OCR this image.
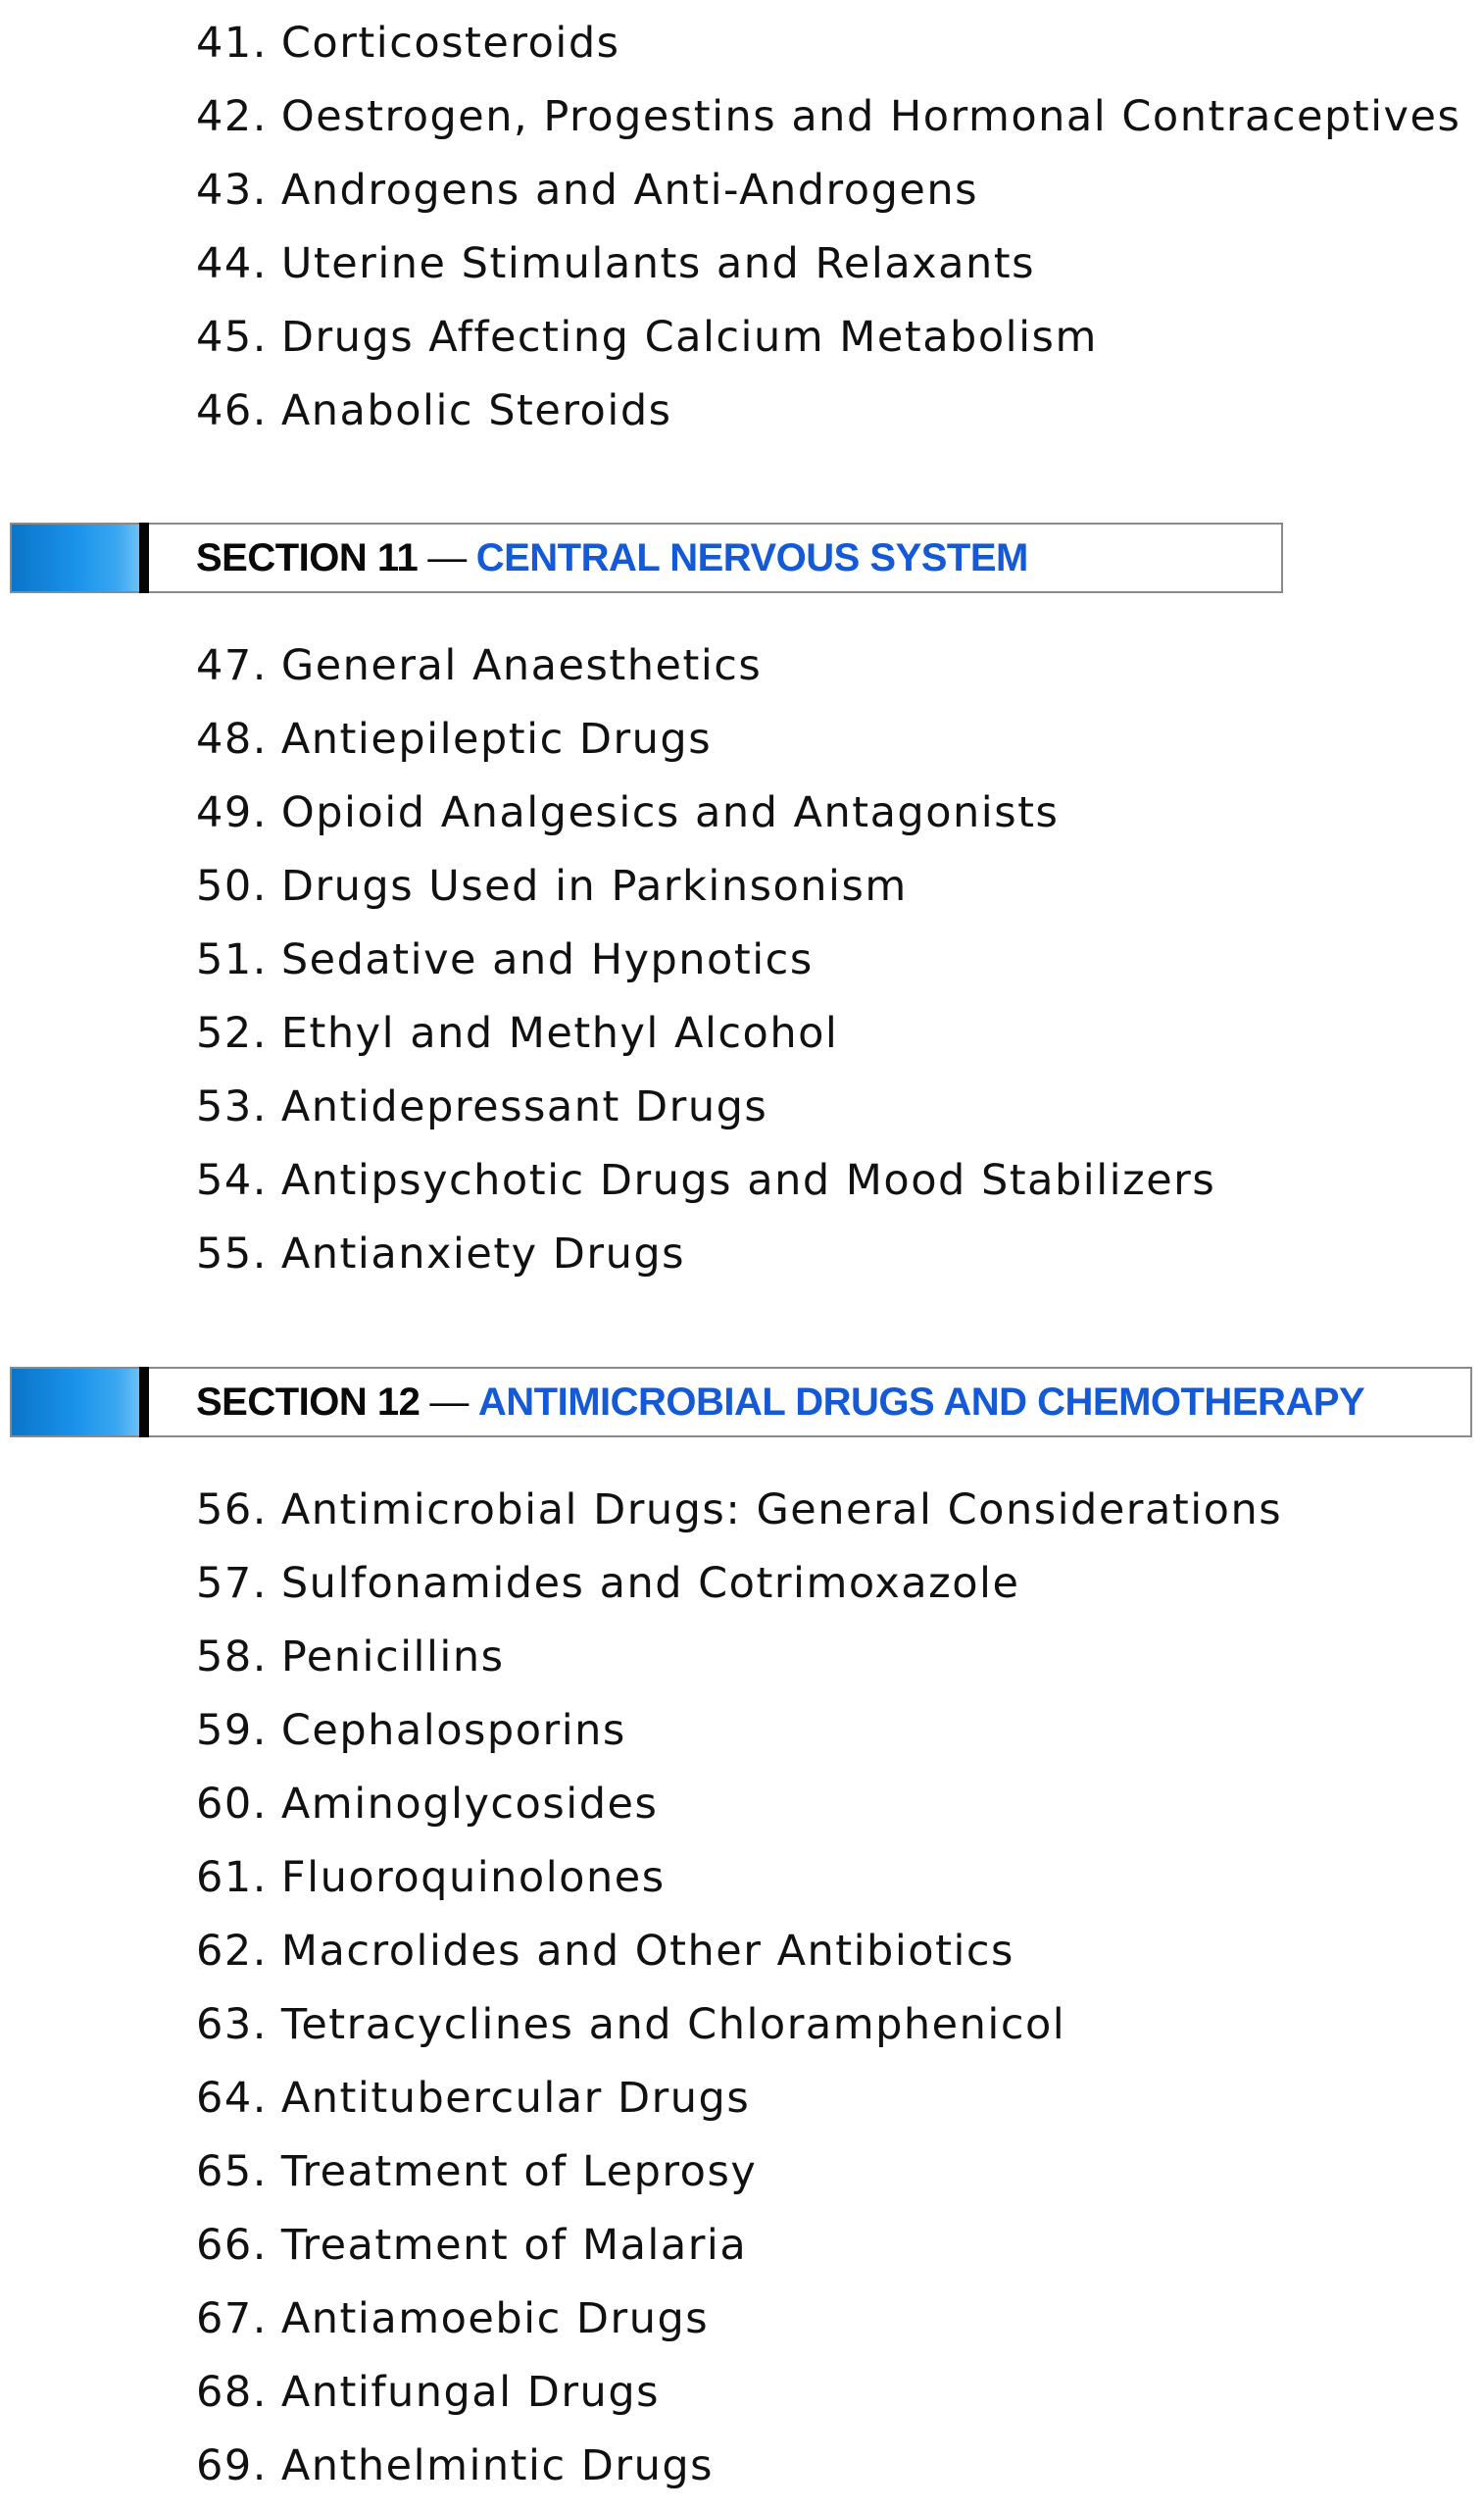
41. Corticosteroids
42. Oestrogen, Progestins and Hormonal Contraceptives
43. Androgens and Anti-Androgens
44. Uterine Stimulants and Relaxants
45. Drugs Affecting Calcium Metabolism
46. Anabolic Steroids
SECTION 11 — CENTRAL NERVOUS SYSTEM
47. General Anaesthetics
48. Antiepileptic Drugs
49. Opioid Analgesics and Antagonists
50. Drugs Used in Parkinsonism
51. Sedative and Hypnotics
52. Ethyl and Methyl Alcohol
53. Antidepressant Drugs
54. Antipsychotic Drugs and Mood Stabilizers
55. Antianxiety Drugs
SECTION 12 — ANTIMICROBIAL DRUGS AND CHEMOTHERAPY
56. Antimicrobial Drugs: General Considerations
57. Sulfonamides and Cotrimoxazole
58. Penicillins
59. Cephalosporins
60. Aminoglycosides
61. Fluoroquinolones
62. Macrolides and Other Antibiotics
63. Tetracyclines and Chloramphenicol
64. Antitubercular Drugs
65. Treatment of Leprosy
66. Treatment of Malaria
67. Antiamoebic Drugs
68. Antifungal Drugs
69. Anthelmintic Drugs
